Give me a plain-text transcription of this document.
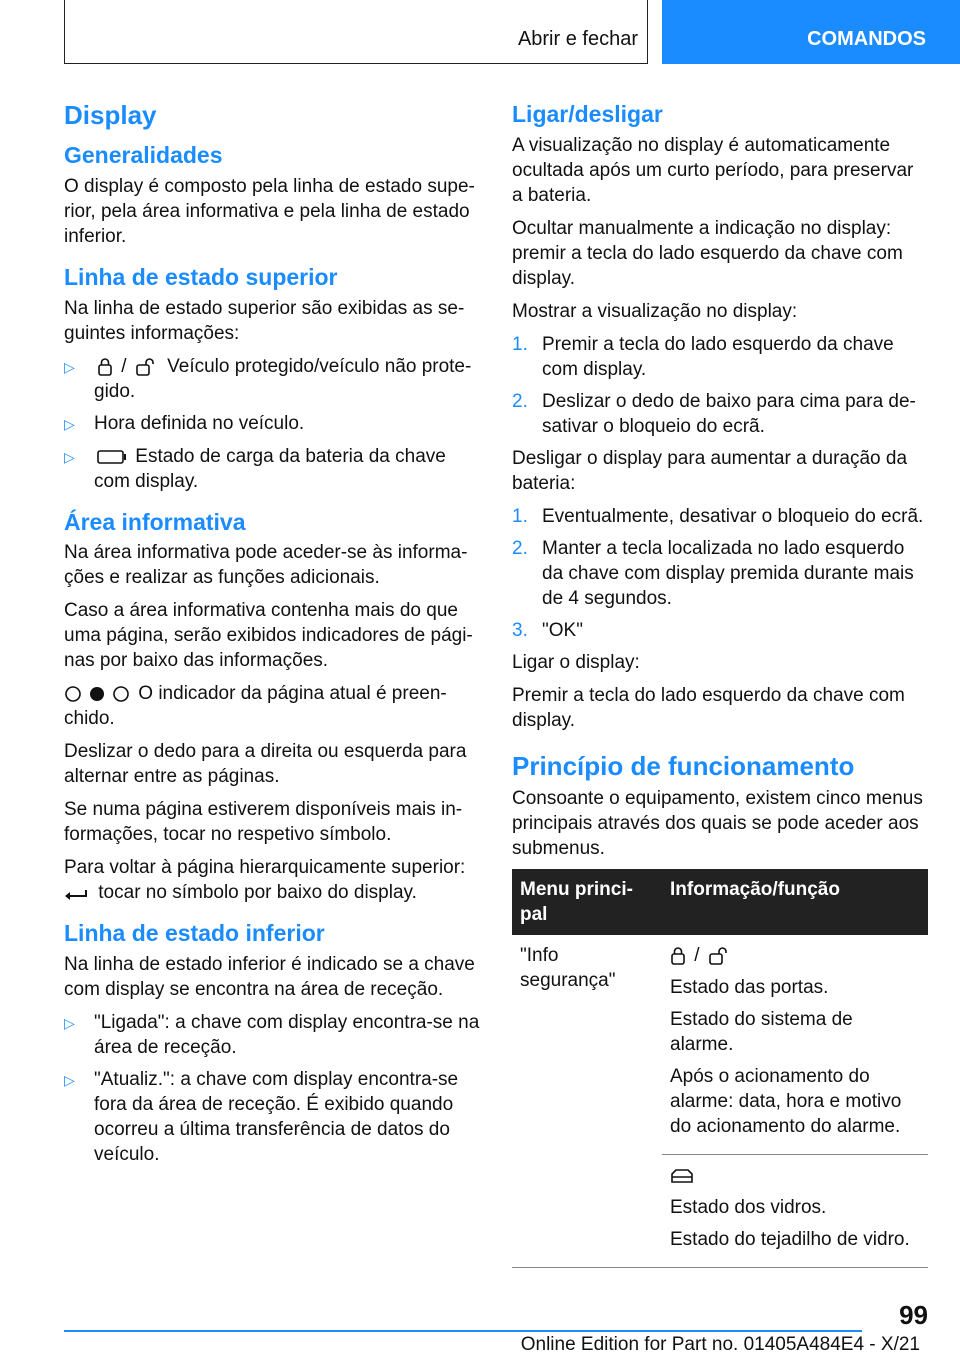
Abrir e fechar	COMANDOS
Display
Generalidades

O display é composto pela linha de estado supe-rior, pela área informativa e pela linha de estado inferior.

Linha de estado superior

Na linha de estado superior são exibidas as se-guintes informações:

▷	/ Veículo protegido/veículo não prote-gido.
▷	Hora definida no veículo.
▷	Estado de carga da bateria da chave com display.
Área informativa

Na área informativa pode aceder-se às informa-ções e realizar as funções adicionais.

Caso a área informativa contenha mais do que uma página, serão exibidos indicadores de pági-nas por baixo das informações.

O indicador da página atual é preen-chido.

Deslizar o dedo para a direita ou esquerda para alternar entre as páginas.

Se numa página estiverem disponíveis mais in-formações, tocar no respetivo símbolo.

Para voltar à página hierarquicamente superior:
tocar no símbolo por baixo do display.

Linha de estado inferior

Na linha de estado inferior é indicado se a chave com display se encontra na área de receção.

▷	"Ligada": a chave com display encontra-se na área de receção.
▷	"Atualiz.": a chave com display encontra-se fora da área de receção. É exibido quando ocorreu a última transferência de datos do veículo.
Ligar/desligar

A visualização no display é automaticamente ocultada após um curto período, para preservar a bateria.

Ocultar manualmente a indicação no display: premir a tecla do lado esquerdo da chave com display.

Mostrar a visualização no display:

1. Premir a tecla do lado esquerdo da chave com display.
2. Deslizar o dedo de baixo para cima para de-sativar o bloqueio do ecrã.

Desligar o display para aumentar a duração da bateria:

1. Eventualmente, desativar o bloqueio do ecrã.
2. Manter a tecla localizada no lado esquerdo da chave com display premida durante mais de 4 segundos.
3. "OK"

Ligar o display:

Premir a tecla do lado esquerdo da chave com display.

Princípio de funcionamento

Consoante o equipamento, existem cinco menus principais através dos quais se pode aceder aos submenus.

Menu princi-pal	Informação/função
"Info segurança"	/

Estado das portas.

Estado do sistema de alarme.

Após o acionamento do alarme: data, hora e motivo do acionamento do alarme.

	Estado dos vidros.

Estado do tejadilho de vidro.

99
Online Edition for Part no. 01405A484E4 - X/21
